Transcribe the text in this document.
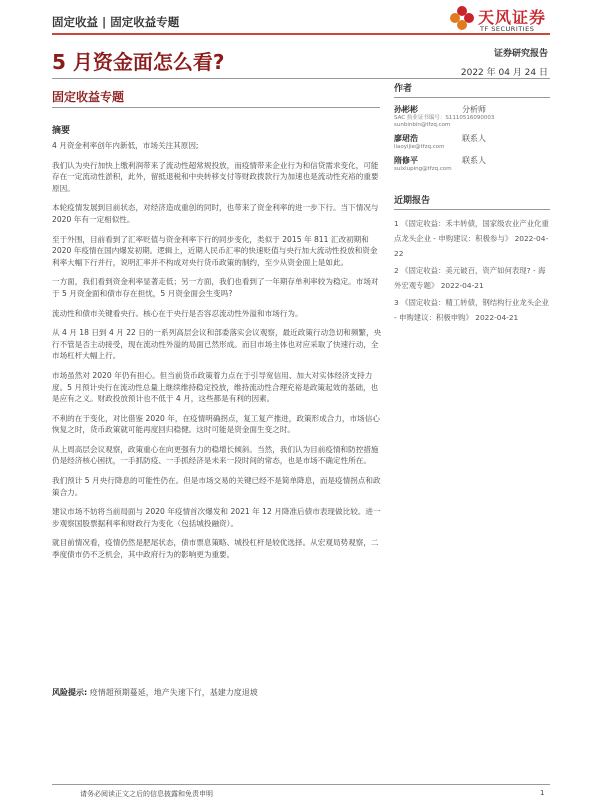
固定收益 | 固定收益专题	天风证券
TF SECURITIES
5 月资金面怎么看?	证券研究报告
2022 年 04 月 24 日
固定收益专题
摘要

4 月资金利率创年内新低，市场关注其原因;

我们认为央行加快上缴利润带来了流动性超常规投放，而疫情带来企业行为和信贷需求变化，可能存在一定流动性淤积，此外，留抵退税和中央转移支付等财政拨款行为加速也是流动性充裕的重要原因。

本轮疫情发展到目前状态，对经济造成重创的同时，也带来了资金利率的进一步下行。当下情况与 2020 年有一定相似性。

至于外围，目前看到了汇率贬值与资金利率下行的同步变化，类似于 2015 年 811 汇改初期和 2020 年疫情在国内爆发初期。逻辑上，近期人民币汇率的快速贬值与央行加大流动性投放和资金利率大幅下行并行，说明汇率并不构成对央行货币政策的制约，至少从资金面上是如此。

一方面，我们看到资金利率显著走低；另一方面，我们也看到了一年期存单利率较为稳定。市场对于 5 月资金面和债市存在担忧，5 月资金面会生变吗?

流动性和债市关键看央行。核心在于央行是否容忍流动性外溢和市场行为。

从 4 月 18 日到 4 月 22 日的一系列高层会议和部委落实会议观察，最近政策行动急切和频繁，央行不管是否主动接受，现在流动性外溢的局面已然形成。而目市场主体也对应采取了快速行动，全市场杠杆大幅上行。

市场虽然对 2020 年仍有担心。但当前货币政策着力点在于引导宽信用、加大对实体经济支持力度。5 月预计央行在流动性总量上继续维持稳定投放，维持流动性合理充裕是政策起效的基础，也是应有之义。财政投放预计也不低于 4 月，这些都是有利的因素。

不利的在于变化，对比借鉴 2020 年，在疫情明确拐点，复工复产推进，政策形成合力，市场信心恢复之时，货币政策就可能再度回归稳健。这时可能是资金面生变之时。

从上周高层会议观察，政策重心在向更强有力的稳增长倾斜。当然，我们认为目前疫情和防控措施仍是经济核心困扰，一手抓防疫、一手抓经济是未来一段时间的常态，也是市场不确定性所在。

我们预计 5 月央行降息的可能性仍在。但是市场交易的关键已经不是简单降息，而是疫情拐点和政策合力。

建议市场不妨将当前局面与 2020 年疫情首次爆发和 2021 年 12 月降准后债市表现做比较。进一步观察国股票据利率和财政行为变化（包括城投融资）。

就目前情况看，疫情仍然是肥尾状态，债市票息策略、城投杠杆是较优选择。从宏观局势观察，二季度债市仍不乏机会，其中政府行为的影响更为重要。

风险提示: 疫情超预期蔓延，地产失速下行，基建力度退坡
作者
孙彬彬	分析师
SAC 执业证书编号：S1110516090003
sunbinbin@tfzq.com
廖珺浩	联系人
liaoyijie@tfzq.com
隋修平	联系人
suixiuping@tfzq.com
近期报告
1 《固定收益：禾丰转债，国家级农业产业化重点龙头企业 - 申购建议：积极参与》 2022-04-22
2 《固定收益：美元破百，资产如何表现? - 海外宏观专题》 2022-04-21
3 《固定收益：精工转债，钢结构行业龙头企业 - 申购建议：积极申购》 2022-04-21
请务必阅读正文之后的信息披露和免责申明	1
